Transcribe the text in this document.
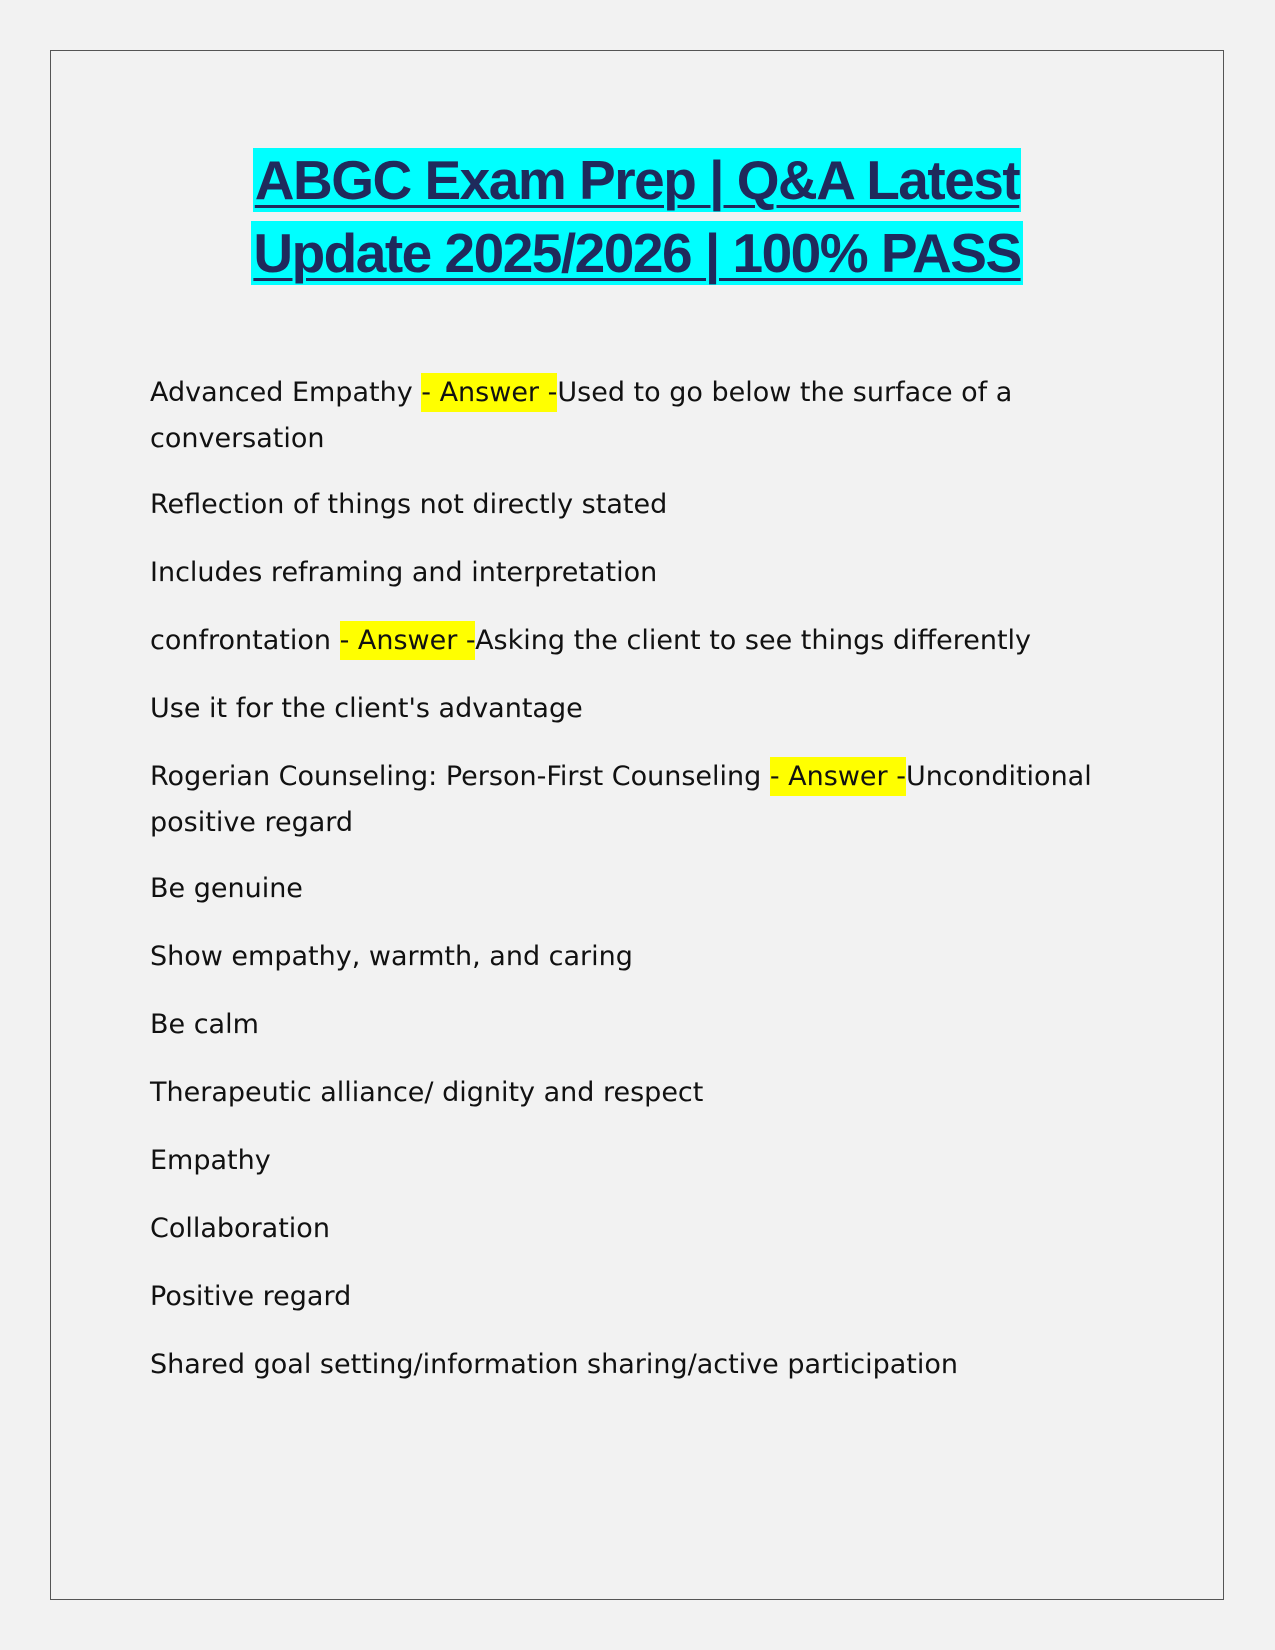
ABGC Exam Prep | Q&A Latest
Update 2025/2026 | 100% PASS

Advanced Empathy - Answer -Used to go below the surface of a conversation

Reflection of things not directly stated

Includes reframing and interpretation

confrontation - Answer -Asking the client to see things differently

Use it for the client's advantage

Rogerian Counseling: Person-First Counseling - Answer -Unconditional positive regard

Be genuine

Show empathy, warmth, and caring

Be calm

Therapeutic alliance/ dignity and respect

Empathy

Collaboration

Positive regard

Shared goal setting/information sharing/active participation
